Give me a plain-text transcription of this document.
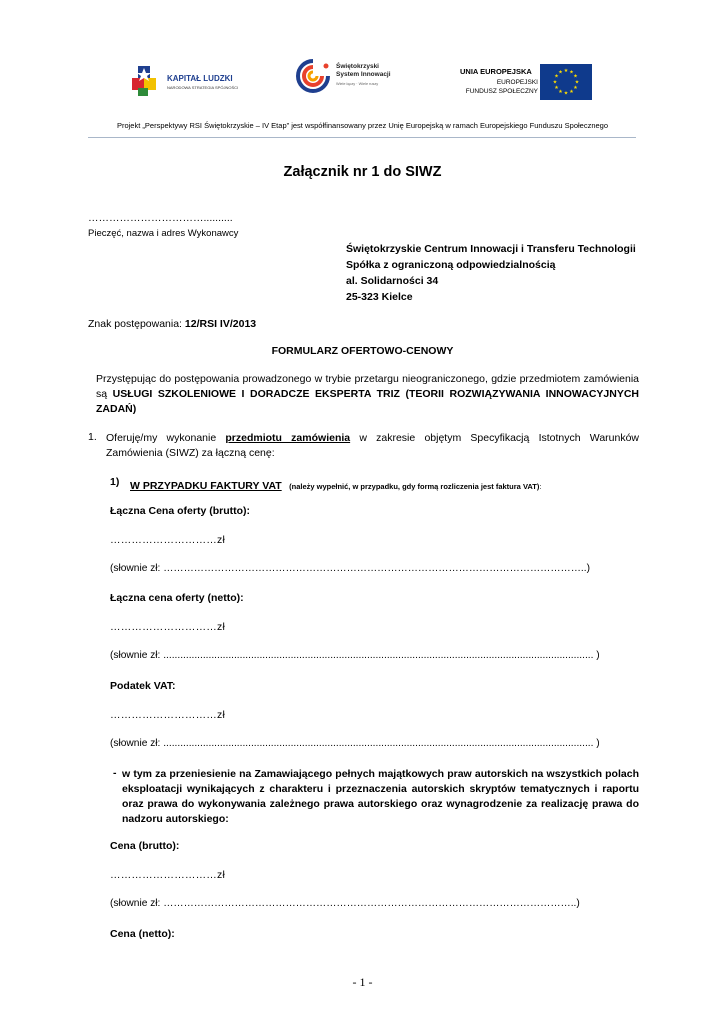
KAPITAŁ LUDZKI
NARODOWA STRATEGIA SPÓJNOŚCI
Świętokrzyski
System Innowacji
Wiele łączy · Wiele ruszy
UNIA EUROPEJSKA
EUROPEJSKI
FUNDUSZ SPOŁECZNY
★ ★
★
★
★
★
★
★
★
★
★
★
Projekt „Perspektywy RSI Świętokrzyskie – IV Etap” jest współfinansowany przez Unię Europejską w ramach Europejskiego Funduszu Społecznego
Załącznik nr 1 do SIWZ
……………………………..........
Pieczęć, nazwa i adres Wykonawcy
Świętokrzyskie Centrum Innowacji i Transferu Technologii
Spółka z ograniczoną odpowiedzialnością
al. Solidarności 34
25-323 Kielce
Znak postępowania: 12/RSI IV/2013
FORMULARZ OFERTOWO-CENOWY
Przystępując do postępowania prowadzonego w trybie przetargu nieograniczonego, gdzie przedmiotem zamówienia są USŁUGI SZKOLENIOWE I DORADCZE EKSPERTA TRIZ (TEORII ROZWIĄZYWANIA INNOWACYJNYCH ZADAŃ)
1. Oferuję/my wykonanie przedmiotu zamówienia w zakresie objętym Specyfikacją Istotnych Warunków Zamówienia (SIWZ) za łączną cenę:
1) W PRZYPADKU FAKTURY VAT (należy wypełnić, w przypadku, gdy formą rozliczenia jest faktura VAT):
Łączna Cena oferty (brutto):
…………………………zł
(słownie zł: ……………………………………………………………………………………………………………..)
Łączna cena oferty (netto):
…………………………zł
(słownie zł: ........................................................................................................................................................ )
Podatek VAT:
…………………………zł
(słownie zł: ........................................................................................................................................................ )
- w tym za przeniesienie na Zamawiającego pełnych majątkowych praw autorskich na wszystkich polach eksploatacji wynikających z charakteru i przeznaczenia autorskich skryptów tematycznych i raportu oraz prawa do wykonywania zależnego prawa autorskiego oraz wynagrodzenie za realizację prawa do nadzoru autorskiego:
Cena (brutto):
…………………………zł
(słownie zł: …………………………………………………………………………………………………………..)
Cena (netto):
- 1 -
